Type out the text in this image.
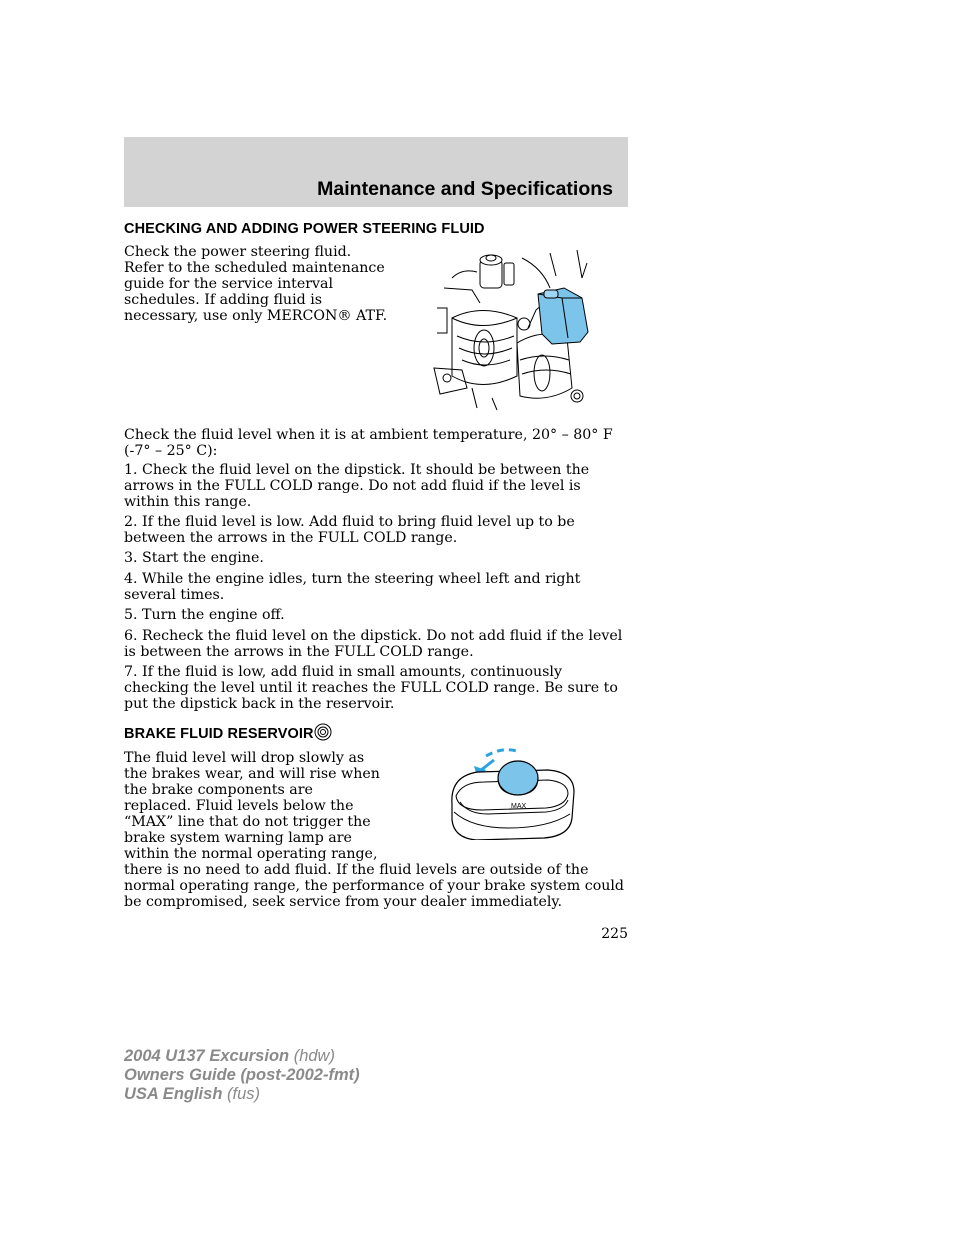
Maintenance and Specifications
CHECKING AND ADDING POWER STEERING FLUID
Check the power steering fluid. Refer to the scheduled maintenance guide for the service interval schedules. If adding fluid is necessary, use only MERCON® ATF.
Check the fluid level when it is at ambient temperature, 20° – 80° F (-7° – 25° C):
1. Check the fluid level on the dipstick. It should be between the arrows in the FULL COLD range. Do not add fluid if the level is within this range.
2. If the fluid level is low. Add fluid to bring fluid level up to be between the arrows in the FULL COLD range.
3. Start the engine.
4. While the engine idles, turn the steering wheel left and right several times.
5. Turn the engine off.
6. Recheck the fluid level on the dipstick. Do not add fluid if the level is between the arrows in the FULL COLD range.
7. If the fluid is low, add fluid in small amounts, continuously checking the level until it reaches the FULL COLD range. Be sure to put the dipstick back in the reservoir.
BRAKE FLUID RESERVOIR
The fluid level will drop slowly as the brakes wear, and will rise when the brake components are replaced. Fluid levels below the “MAX” line that do not trigger the brake system warning lamp are within the normal operating range, there is no need to add fluid. If the fluid levels are outside of the normal operating range, the performance of your brake system could be compromised, seek service from your dealer immediately.
MAX
225
2004 U137 Excursion (hdw)
Owners Guide (post-2002-fmt)
USA English (fus)
